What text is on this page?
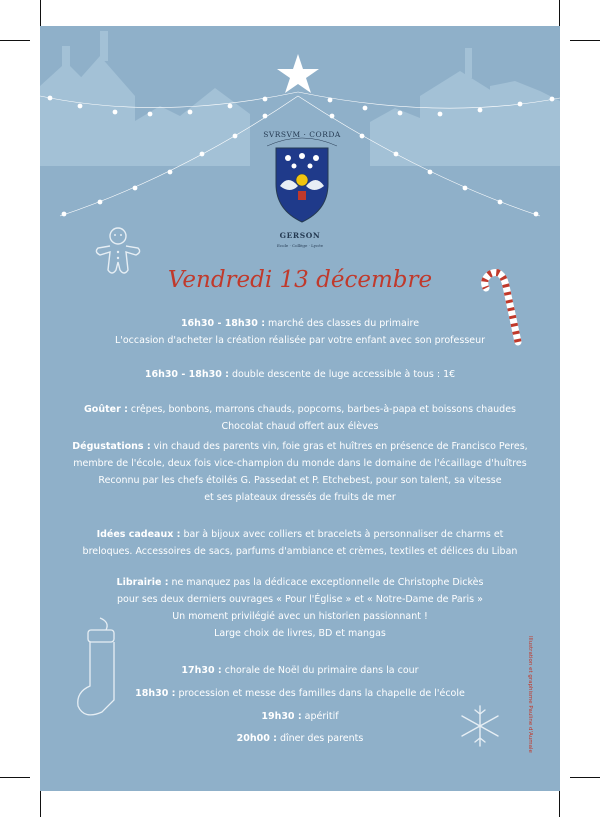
SVRSVM · CORDA
GERSON
Ecole · Collège · Lycée
Vendredi 13 décembre
16h30 - 18h30 : marché des classes du primaire
L'occasion d'acheter la création réalisée par votre enfant avec son professeur
16h30 - 18h30 : double descente de luge accessible à tous : 1€
Goûter : crêpes, bonbons, marrons chauds, popcorns, barbes-à-papa et boissons chaudes
Chocolat chaud offert aux élèves
Dégustations : vin chaud des parents vin, foie gras et huîtres en présence de Francisco Peres,
membre de l'école, deux fois vice-champion du monde dans le domaine de l'écaillage d'huîtres
Reconnu par les chefs étoilés G. Passedat et P. Etchebest, pour son talent, sa vitesse
et ses plateaux dressés de fruits de mer
Idées cadeaux : bar à bijoux avec colliers et bracelets à personnaliser de charms et
breloques. Accessoires de sacs, parfums d'ambiance et crèmes, textiles et délices du Liban
Librairie : ne manquez pas la dédicace exceptionnelle de Christophe Dickès
pour ses deux derniers ouvrages « Pour l'Église » et « Notre-Dame de Paris »
Un moment privilégié avec un historien passionnant !
Large choix de livres, BD et mangas
17h30 : chorale de Noël du primaire dans la cour
18h30 : procession et messe des familles dans la chapelle de l'école
19h30 : apéritif
20h00 : dîner des parents	Illustration et graphisme Pauline d'Aumale
